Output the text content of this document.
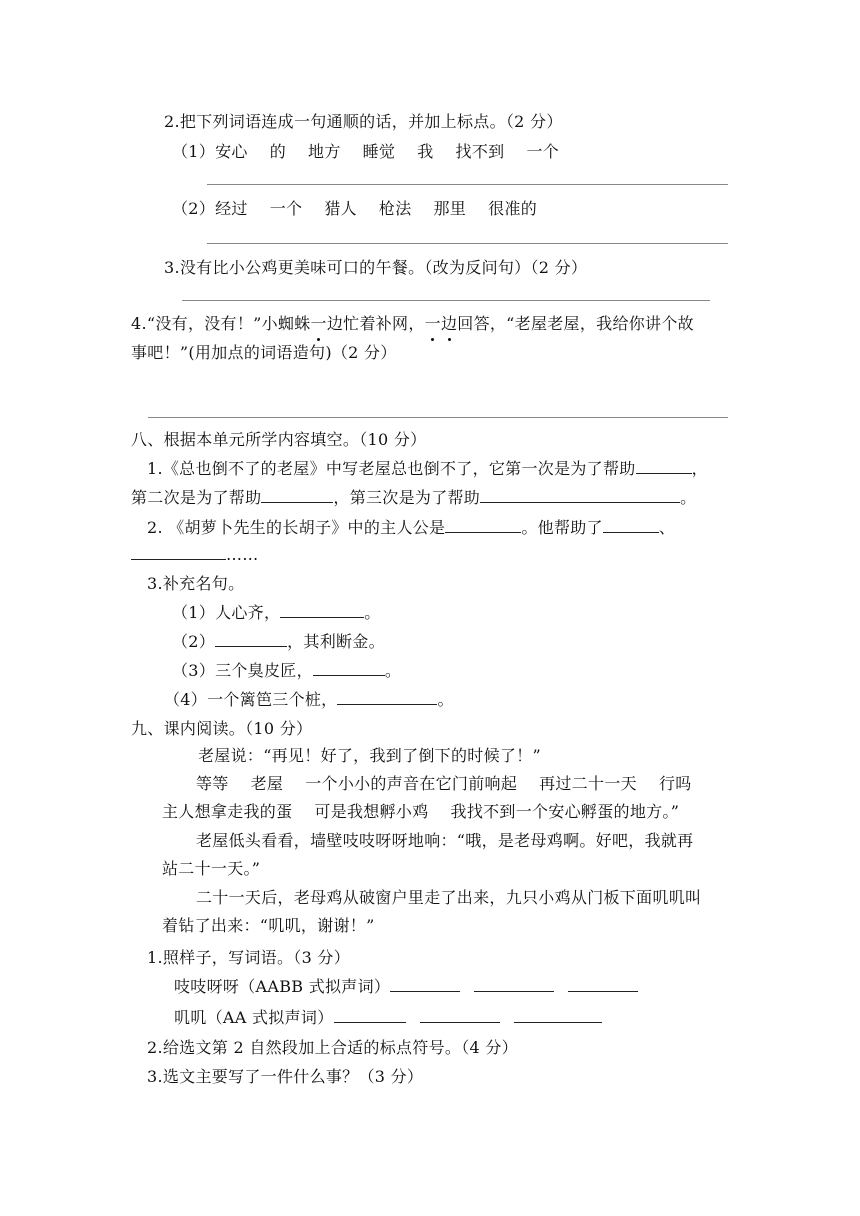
2.把下列词语连成一句通顺的话，并加上标点。（2 分）
（1）安心 的 地方 睡觉 我 找不到 一个
（2）经过 一个 猎人 枪法 那里 很准的
3.没有比小公鸡更美味可口的午餐。（改为反问句）（2 分）
4.“没有，没有！”小蜘蛛一边忙着补网，一边回答，“老屋老屋，我给你讲个故
事吧！”(用加点的词语造句)（2 分）
八、根据本单元所学内容填空。（10 分）
1.《总也倒不了的老屋》中写老屋总也倒不了，它第一次是为了帮助	，
第二次是为了帮助	，第三次是为了帮助	。
2. 《胡萝卜先生的长胡子》中的主人公是	。他帮助了	、
……
3.补充名句。
（1）人心齐，	。
（2）	，其利断金。
（3）三个臭皮匠，	。
（4）一个篱笆三个桩，	。
九、课内阅读。（10 分）
老屋说：“再见！好了，我到了倒下的时候了！”
等等 老屋 一个小小的声音在它门前响起 再过二十一天 行吗
主人想拿走我的蛋 可是我想孵小鸡 我找不到一个安心孵蛋的地方。”
老屋低头看看，墙壁吱吱呀呀地响：“哦，是老母鸡啊。好吧，我就再
站二十一天。”
二十一天后，老母鸡从破窗户里走了出来，九只小鸡从门板下面叽叽叫
着钻了出来：“叽叽，谢谢！”
1.照样子，写词语。（3 分）
吱吱呀呀（AABB 式拟声词）
叽叽（AA 式拟声词）
2.给选文第 2 自然段加上合适的标点符号。（4 分）
3.选文主要写了一件什么事？（3 分）
